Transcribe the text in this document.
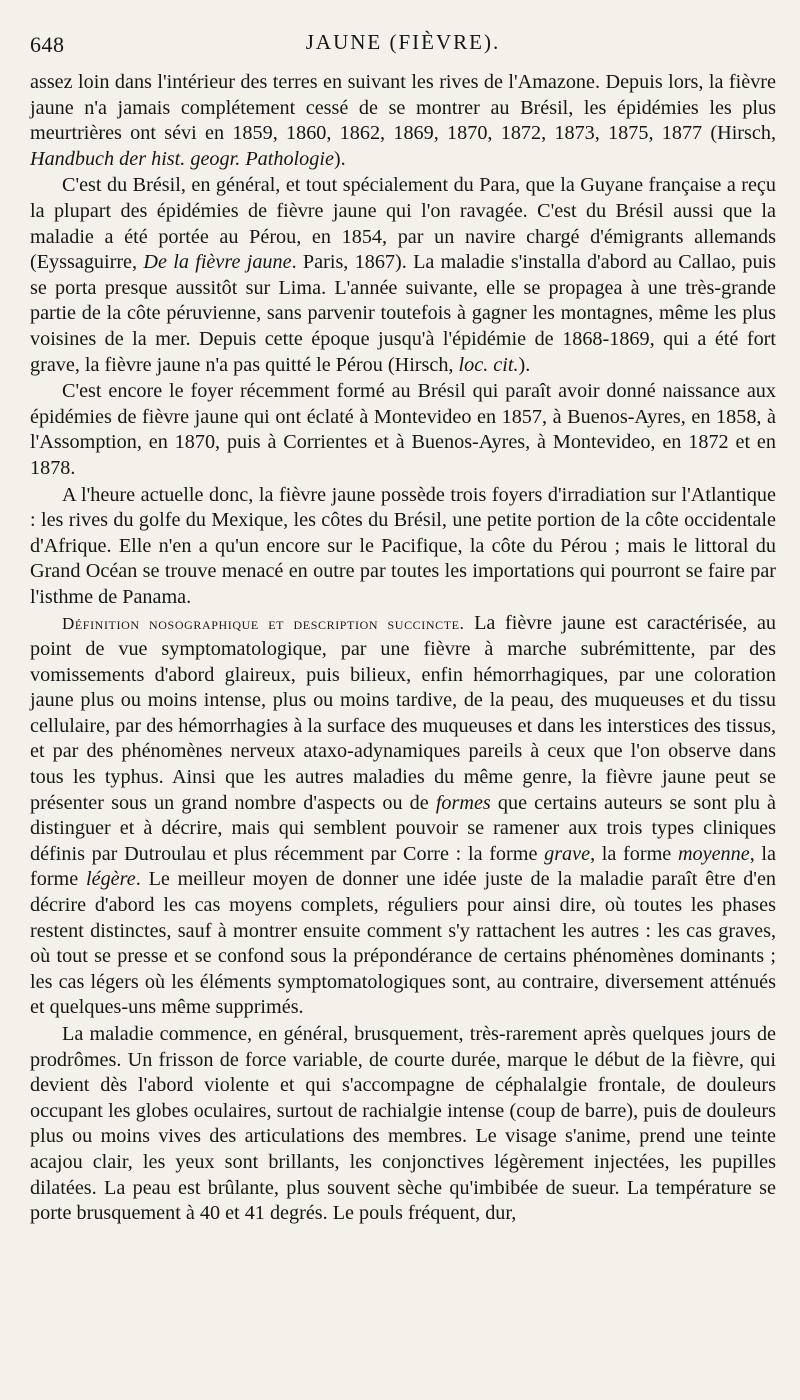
648	JAUNE (FIÈVRE).

assez loin dans l'intérieur des terres en suivant les rives de l'Amazone. Depuis lors, la fièvre jaune n'a jamais complétement cessé de se montrer au Brésil, les épidémies les plus meurtrières ont sévi en 1859, 1860, 1862, 1869, 1870, 1872, 1873, 1875, 1877 (Hirsch, Handbuch der hist. geogr. Pathologie).

C'est du Brésil, en général, et tout spécialement du Para, que la Guyane française a reçu la plupart des épidémies de fièvre jaune qui l'on ravagée. C'est du Brésil aussi que la maladie a été portée au Pérou, en 1854, par un navire chargé d'émigrants allemands (Eyssaguirre, De la fièvre jaune. Paris, 1867). La maladie s'installa d'abord au Callao, puis se porta presque aussitôt sur Lima. L'année suivante, elle se propagea à une très-grande partie de la côte péruvienne, sans parvenir toutefois à gagner les montagnes, même les plus voisines de la mer. Depuis cette époque jusqu'à l'épidémie de 1868-1869, qui a été fort grave, la fièvre jaune n'a pas quitté le Pérou (Hirsch, loc. cit.).

C'est encore le foyer récemment formé au Brésil qui paraît avoir donné naissance aux épidémies de fièvre jaune qui ont éclaté à Montevideo en 1857, à Buenos-Ayres, en 1858, à l'Assomption, en 1870, puis à Corrientes et à Buenos-Ayres, à Montevideo, en 1872 et en 1878.

A l'heure actuelle donc, la fièvre jaune possède trois foyers d'irradiation sur l'Atlantique : les rives du golfe du Mexique, les côtes du Brésil, une petite portion de la côte occidentale d'Afrique. Elle n'en a qu'un encore sur le Pacifique, la côte du Pérou ; mais le littoral du Grand Océan se trouve menacé en outre par toutes les importations qui pourront se faire par l'isthme de Panama.

Définition nosographique et description succincte. La fièvre jaune est caractérisée, au point de vue symptomatologique, par une fièvre à marche subrémittente, par des vomissements d'abord glaireux, puis bilieux, enfin hémorrhagiques, par une coloration jaune plus ou moins intense, plus ou moins tardive, de la peau, des muqueuses et du tissu cellulaire, par des hémorrhagies à la surface des muqueuses et dans les interstices des tissus, et par des phénomènes nerveux ataxo-adynamiques pareils à ceux que l'on observe dans tous les typhus. Ainsi que les autres maladies du même genre, la fièvre jaune peut se présenter sous un grand nombre d'aspects ou de formes que certains auteurs se sont plu à distinguer et à décrire, mais qui semblent pouvoir se ramener aux trois types cliniques définis par Dutroulau et plus récemment par Corre : la forme grave, la forme moyenne, la forme légère. Le meilleur moyen de donner une idée juste de la maladie paraît être d'en décrire d'abord les cas moyens complets, réguliers pour ainsi dire, où toutes les phases restent distinctes, sauf à montrer ensuite comment s'y rattachent les autres : les cas graves, où tout se presse et se confond sous la prépondérance de certains phénomènes dominants ; les cas légers où les éléments symptomatologiques sont, au contraire, diversement atténués et quelques-uns même supprimés.

La maladie commence, en général, brusquement, très-rarement après quelques jours de prodrômes. Un frisson de force variable, de courte durée, marque le début de la fièvre, qui devient dès l'abord violente et qui s'accompagne de céphalalgie frontale, de douleurs occupant les globes oculaires, surtout de rachialgie intense (coup de barre), puis de douleurs plus ou moins vives des articulations des membres. Le visage s'anime, prend une teinte acajou clair, les yeux sont brillants, les conjonctives légèrement injectées, les pupilles dilatées. La peau est brûlante, plus souvent sèche qu'imbibée de sueur. La température se porte brusquement à 40 et 41 degrés. Le pouls fréquent, dur,
